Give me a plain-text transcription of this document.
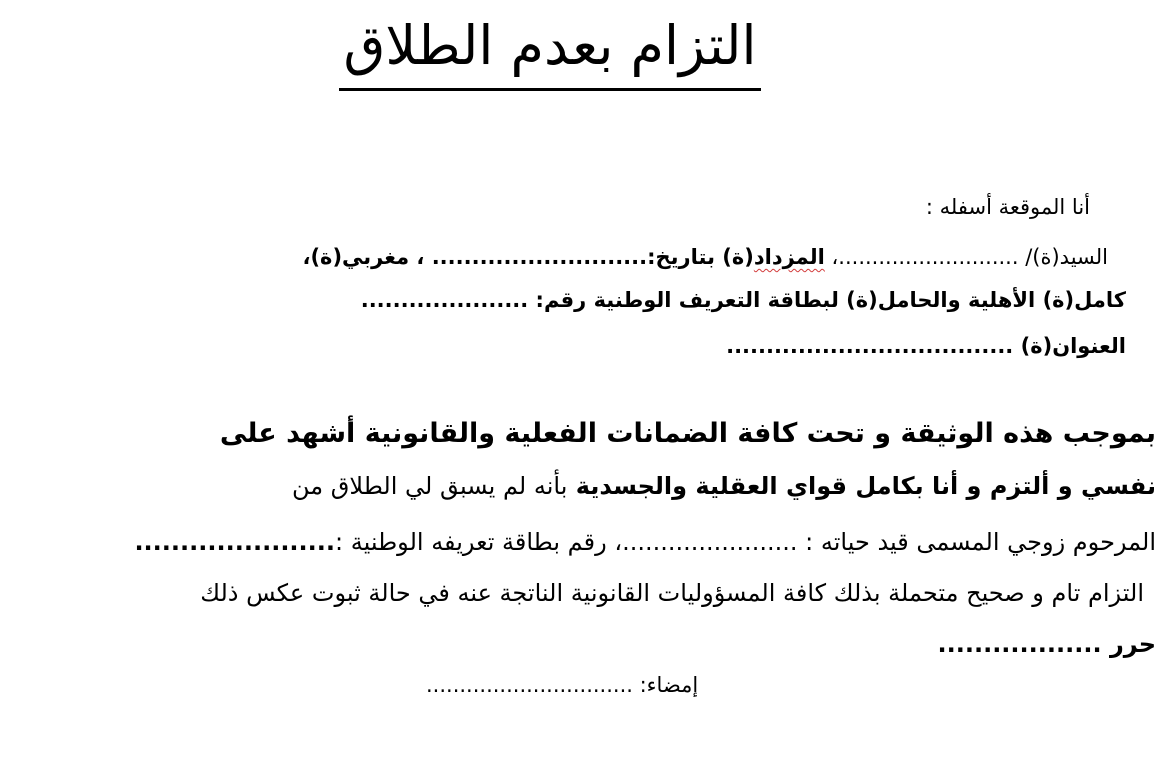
التزام بعدم الطلاق
أنا الموقعة أسفله :
السيد(ة)/ ...........................، المزداد(ة) بتاريخ:........................... ، مغربي(ة)،
كامل(ة) الأهلية والحامل(ة) لبطاقة التعريف الوطنية رقم: .....................
العنوان(ة) ....................................
بموجب هذه الوثيقة و تحت كافة الضمانات الفعلية والقانونية أشهد على
نفسي و ألتزم و أنا بكامل قواي العقلية والجسدية بأنه لم يسبق لي الطلاق من
المرحوم زوجي المسمى قيد حياته : .......................، رقم بطاقة تعريفه الوطنية :......................
التزام تام و صحيح متحملة بذلك كافة المسؤوليات القانونية الناتجة عنه في حالة ثبوت عكس ذلك
حرر ..................
إمضاء: ...............................
